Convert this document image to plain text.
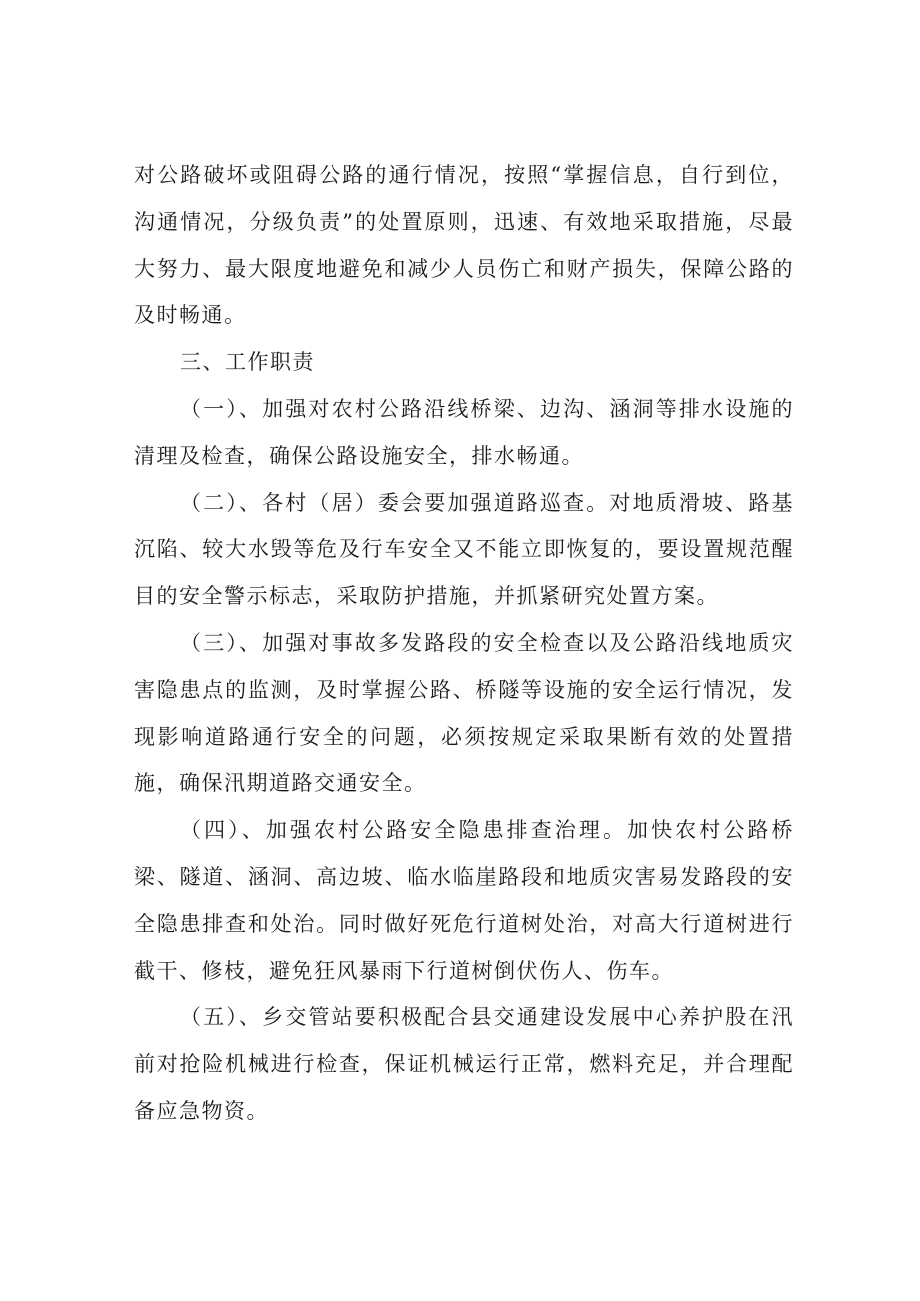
对公路破坏或阻碍公路的通行情况，按照“掌握信息，自行到位，沟通情况，分级负责”的处置原则，迅速、有效地采取措施，尽最大努力、最大限度地避免和减少人员伤亡和财产损失，保障公路的及时畅通。

三、工作职责

（一）、加强对农村公路沿线桥梁、边沟、涵洞等排水设施的清理及检查，确保公路设施安全，排水畅通。

（二）、各村（居）委会要加强道路巡查。对地质滑坡、路基沉陷、较大水毁等危及行车安全又不能立即恢复的，要设置规范醒目的安全警示标志，采取防护措施，并抓紧研究处置方案。

（三）、加强对事故多发路段的安全检查以及公路沿线地质灾害隐患点的监测，及时掌握公路、桥隧等设施的安全运行情况，发现影响道路通行安全的问题，必须按规定采取果断有效的处置措施，确保汛期道路交通安全。

（四）、加强农村公路安全隐患排查治理。加快农村公路桥梁、隧道、涵洞、高边坡、临水临崖路段和地质灾害易发路段的安全隐患排查和处治。同时做好死危行道树处治，对高大行道树进行截干、修枝，避免狂风暴雨下行道树倒伏伤人、伤车。

（五）、乡交管站要积极配合县交通建设发展中心养护股在汛前对抢险机械进行检查，保证机械运行正常，燃料充足，并合理配备应急物资。
